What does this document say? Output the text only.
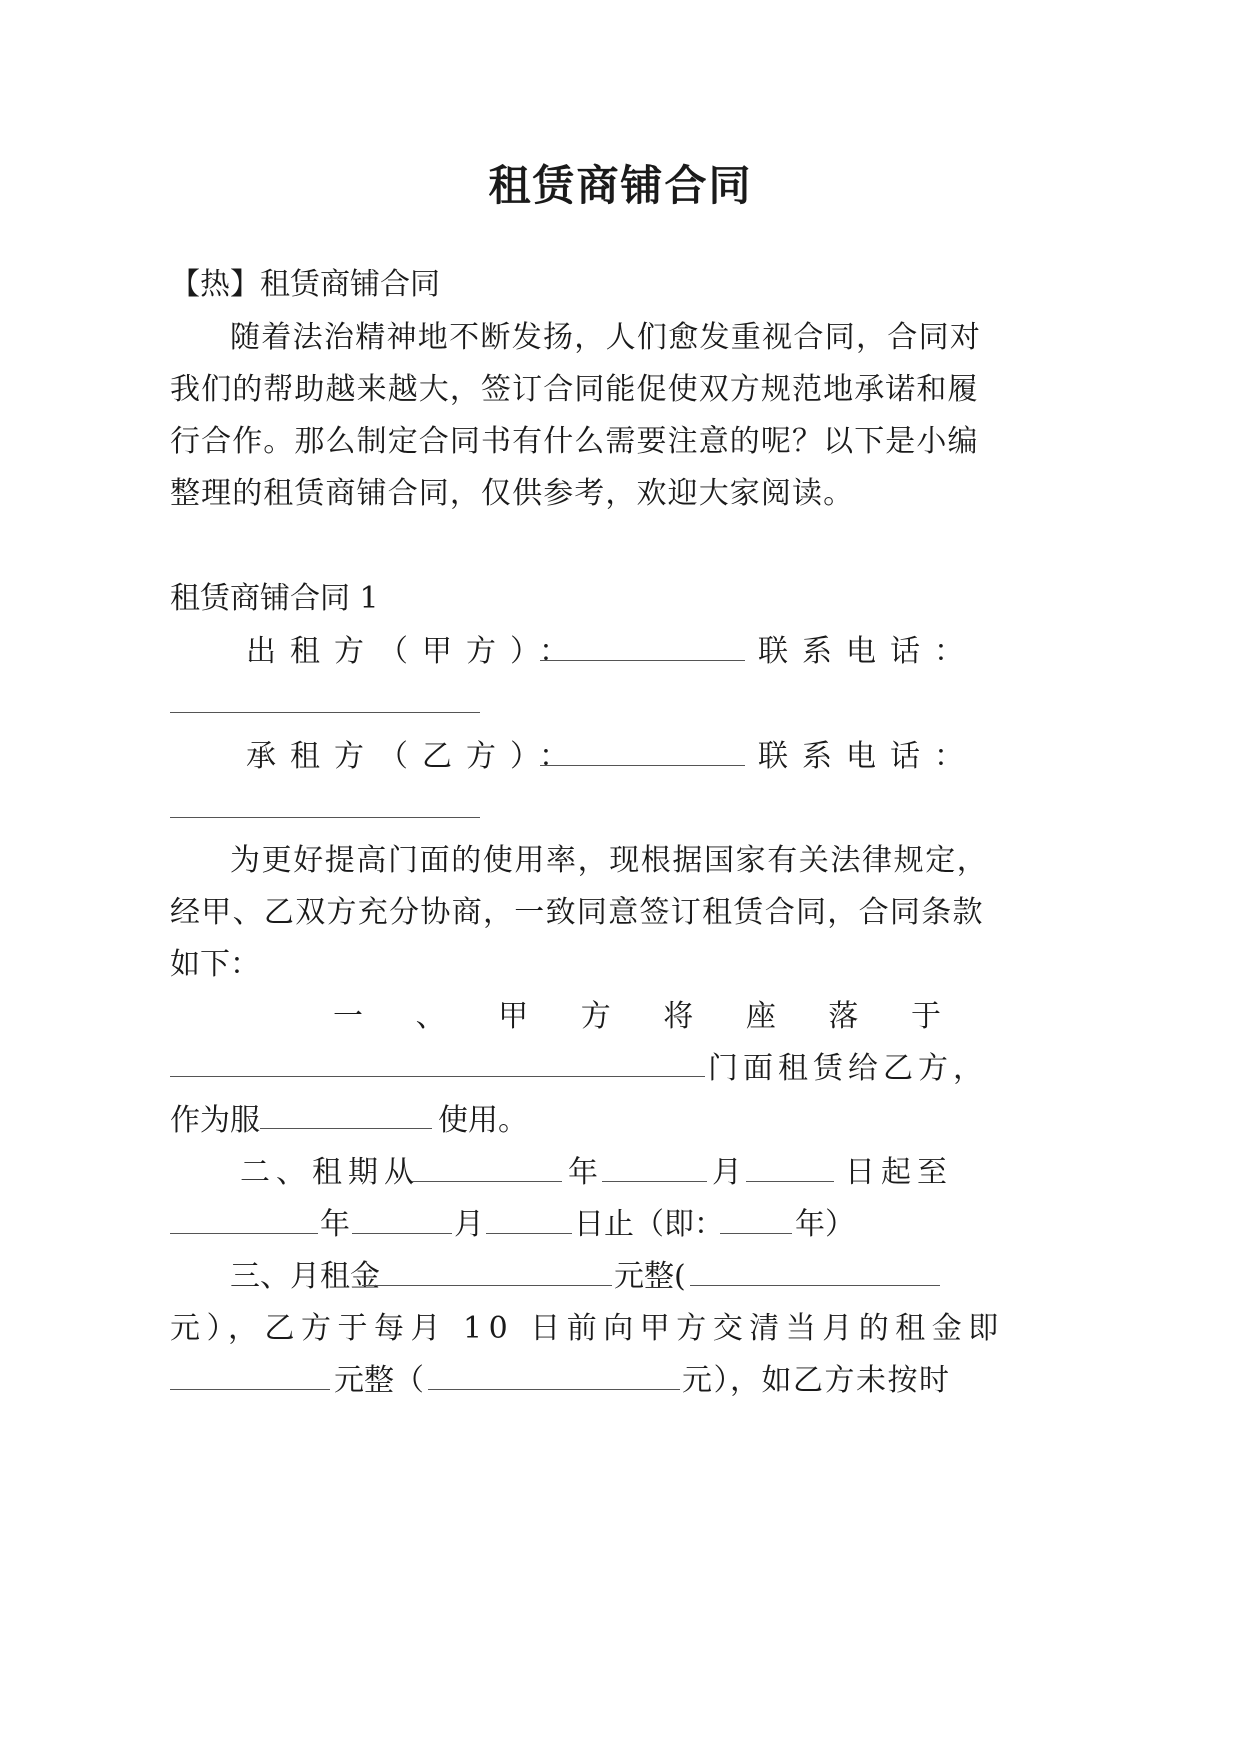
租赁商铺合同
【热】租赁商铺合同
随着法治精神地不断发扬，人们愈发重视合同，合同对
我们的帮助越来越大，签订合同能促使双方规范地承诺和履
行合作。那么制定合同书有什么需要注意的呢？以下是小编
整理的租赁商铺合同，仅供参考，欢迎大家阅读。
租赁商铺合同 1
出租方（甲方）：	联系电话：
承租方（乙方）：	联系电话：
为更好提高门面的使用率，现根据国家有关法律规定，
经甲、乙双方充分协商，一致同意签订租赁合同，合同条款
如下：
一 、 甲 方 将 座 落 于
门面租赁给乙方，
作为服	使用。
二、租期从	年	月	日起至
年	月	日止（即： 年）
三、月租金	元整(
元），乙方于每月 10 日前向甲方交清当月的租金即
元整（	元），如乙方未按时
